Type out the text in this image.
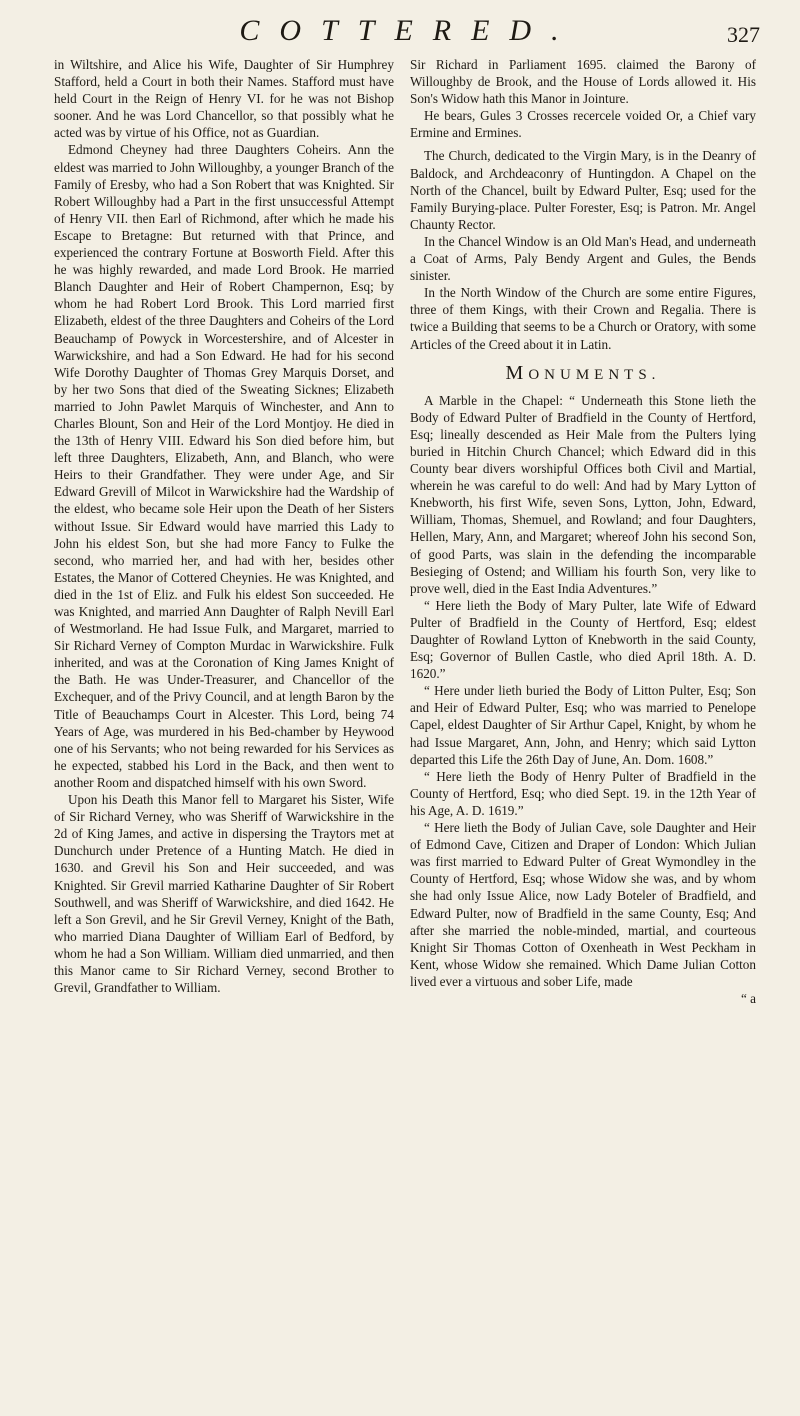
COTTERED.	327

in Wiltshire, and Alice his Wife, Daughter of Sir Humphrey Stafford, held a Court in both their Names. Stafford must have held Court in the Reign of Henry VI. for he was not Bishop sooner. And he was Lord Chancellor, so that possibly what he acted was by virtue of his Office, not as Guardian.

Edmond Cheyney had three Daughters Coheirs. Ann the eldest was married to John Willoughby, a younger Branch of the Family of Eresby, who had a Son Robert that was Knighted. Sir Robert Willoughby had a Part in the first unsuccessful Attempt of Henry VII. then Earl of Richmond, after which he made his Escape to Bretagne: But returned with that Prince, and experienced the contrary Fortune at Bosworth Field. After this he was highly rewarded, and made Lord Brook. He married Blanch Daughter and Heir of Robert Champernon, Esq; by whom he had Robert Lord Brook. This Lord married first Elizabeth, eldest of the three Daughters and Coheirs of the Lord Beauchamp of Powyck in Worcestershire, and of Alcester in Warwickshire, and had a Son Edward. He had for his second Wife Dorothy Daughter of Thomas Grey Marquis Dorset, and by her two Sons that died of the Sweating Sicknes; Elizabeth married to John Pawlet Marquis of Winchester, and Ann to Charles Blount, Son and Heir of the Lord Montjoy. He died in the 13th of Henry VIII. Edward his Son died before him, but left three Daughters, Elizabeth, Ann, and Blanch, who were Heirs to their Grandfather. They were under Age, and Sir Edward Grevill of Milcot in Warwickshire had the Wardship of the eldest, who became sole Heir upon the Death of her Sisters without Issue. Sir Edward would have married this Lady to John his eldest Son, but she had more Fancy to Fulke the second, who married her, and had with her, besides other Estates, the Manor of Cottered Cheynies. He was Knighted, and died in the 1st of Eliz. and Fulk his eldest Son succeeded. He was Knighted, and married Ann Daughter of Ralph Nevill Earl of Westmorland. He had Issue Fulk, and Margaret, married to Sir Richard Verney of Compton Murdac in Warwickshire. Fulk inherited, and was at the Coronation of King James Knight of the Bath. He was Under-Treasurer, and Chancellor of the Exchequer, and of the Privy Council, and at length Baron by the Title of Beauchamps Court in Alcester. This Lord, being 74 Years of Age, was murdered in his Bed-chamber by Heywood one of his Servants; who not being rewarded for his Services as he expected, stabbed his Lord in the Back, and then went to another Room and dispatched himself with his own Sword.

Upon his Death this Manor fell to Margaret his Sister, Wife of Sir Richard Verney, who was Sheriff of Warwickshire in the 2d of King James, and active in dispersing the Traytors met at Dunchurch under Pretence of a Hunting Match. He died in 1630. and Grevil his Son and Heir succeeded, and was Knighted. Sir Grevil married Katharine Daughter of Sir Robert Southwell, and was Sheriff of Warwickshire, and died 1642. He left a Son Grevil, and he Sir Grevil Verney, Knight of the Bath, who married Diana Daughter of William Earl of Bedford, by whom he had a Son William. William died unmarried, and then this Manor came to Sir Richard Verney, second Brother to Grevil, Grandfather to William.

Sir Richard in Parliament 1695. claimed the Barony of Willoughby de Brook, and the House of Lords allowed it. His Son's Widow hath this Manor in Jointure.

He bears, Gules 3 Crosses recercele voided Or, a Chief vary Ermine and Ermines.

The Church, dedicated to the Virgin Mary, is in the Deanry of Baldock, and Archdeaconry of Huntingdon. A Chapel on the North of the Chancel, built by Edward Pulter, Esq; used for the Family Burying-place. Pulter Forester, Esq; is Patron. Mr. Angel Chaunty Rector.

In the Chancel Window is an Old Man's Head, and underneath a Coat of Arms, Paly Bendy Argent and Gules, the Bends sinister.

In the North Window of the Church are some entire Figures, three of them Kings, with their Crown and Regalia. There is twice a Building that seems to be a Church or Oratory, with some Articles of the Creed about it in Latin.

MONUMENTS.

A Marble in the Chapel: “ Underneath this Stone lieth the Body of Edward Pulter of Bradfield in the County of Hertford, Esq; lineally descended as Heir Male from the Pulters lying buried in Hitchin Church Chancel; which Edward did in this County bear divers worshipful Offices both Civil and Martial, wherein he was careful to do well: And had by Mary Lytton of Knebworth, his first Wife, seven Sons, Lytton, John, Edward, William, Thomas, Shemuel, and Rowland; and four Daughters, Hellen, Mary, Ann, and Margaret; whereof John his second Son, of good Parts, was slain in the defending the incomparable Besieging of Ostend; and William his fourth Son, very like to prove well, died in the East India Adventures.”

“ Here lieth the Body of Mary Pulter, late Wife of Edward Pulter of Bradfield in the County of Hertford, Esq; eldest Daughter of Rowland Lytton of Knebworth in the said County, Esq; Governor of Bullen Castle, who died April 18th. A. D. 1620.”

“ Here under lieth buried the Body of Litton Pulter, Esq; Son and Heir of Edward Pulter, Esq; who was married to Penelope Capel, eldest Daughter of Sir Arthur Capel, Knight, by whom he had Issue Margaret, Ann, John, and Henry; which said Lytton departed this Life the 26th Day of June, An. Dom. 1608.”

“ Here lieth the Body of Henry Pulter of Bradfield in the County of Hertford, Esq; who died Sept. 19. in the 12th Year of his Age, A. D. 1619.”

“ Here lieth the Body of Julian Cave, sole Daughter and Heir of Edmond Cave, Citizen and Draper of London: Which Julian was first married to Edward Pulter of Great Wymondley in the County of Hertford, Esq; whose Widow she was, and by whom she had only Issue Alice, now Lady Boteler of Bradfield, and Edward Pulter, now of Bradfield in the same County, Esq; And after she married the noble-minded, martial, and courteous Knight Sir Thomas Cotton of Oxenheath in West Peckham in Kent, whose Widow she remained. Which Dame Julian Cotton lived ever a virtuous and sober Life, made

“ a
